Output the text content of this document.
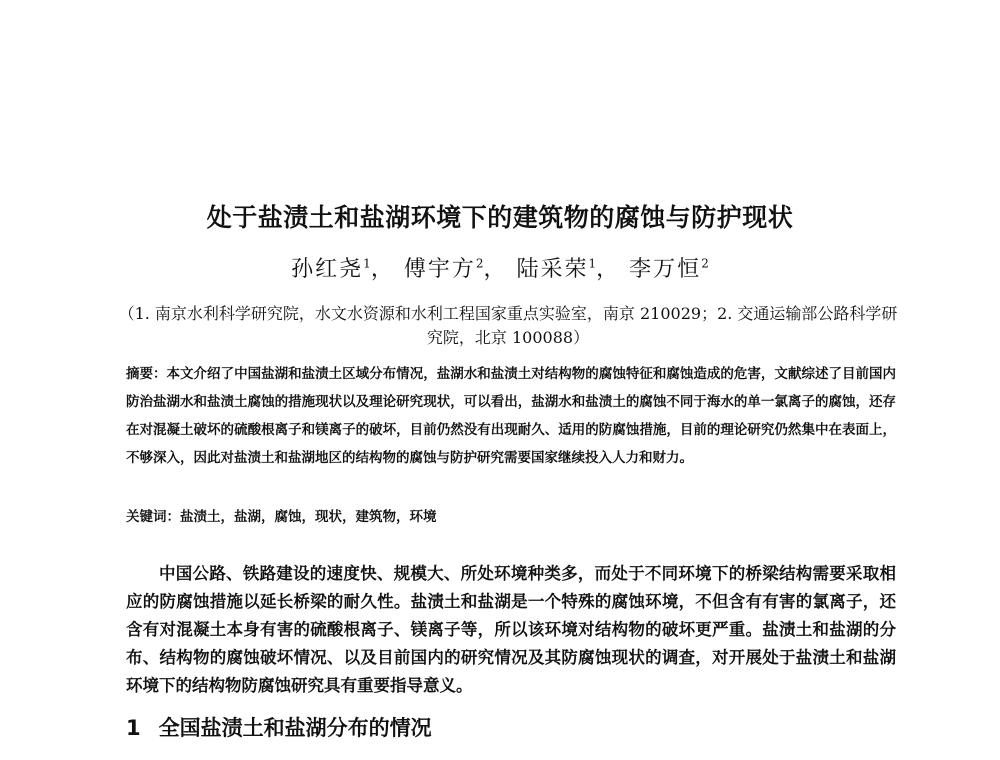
处于盐渍土和盐湖环境下的建筑物的腐蚀与防护现状
孙红尧$^1$， 傅宇方$^2$， 陆采荣$^1$， 李万恒$^2$
（1. 南京水利科学研究院，水文水资源和水利工程国家重点实验室，南京 210029；2. 交通运输部公路科学研究院，北京 100088）
摘要：本文介绍了中国盐湖和盐渍土区域分布情况，盐湖水和盐渍土对结构物的腐蚀特征和腐蚀造成的危害，文献综述了目前国内防治盐湖水和盐渍土腐蚀的措施现状以及理论研究现状，可以看出，盐湖水和盐渍土的腐蚀不同于海水的单一氯离子的腐蚀，还存在对混凝土破坏的硫酸根离子和镁离子的破坏，目前仍然没有出现耐久、适用的防腐蚀措施，目前的理论研究仍然集中在表面上，不够深入，因此对盐渍土和盐湖地区的结构物的腐蚀与防护研究需要国家继续投入人力和财力。
关键词：盐渍土，盐湖，腐蚀，现状，建筑物，环境
中国公路、铁路建设的速度快、规模大、所处环境种类多，而处于不同环境下的桥梁结构需要采取相应的防腐蚀措施以延长桥梁的耐久性。盐渍土和盐湖是一个特殊的腐蚀环境，不但含有有害的氯离子，还含有对混凝土本身有害的硫酸根离子、镁离子等，所以该环境对结构物的破坏更严重。盐渍土和盐湖的分布、结构物的腐蚀破坏情况、以及目前国内的研究情况及其防腐蚀现状的调查，对开展处于盐渍土和盐湖环境下的结构物防腐蚀研究具有重要指导意义。
1 全国盐渍土和盐湖分布的情况
